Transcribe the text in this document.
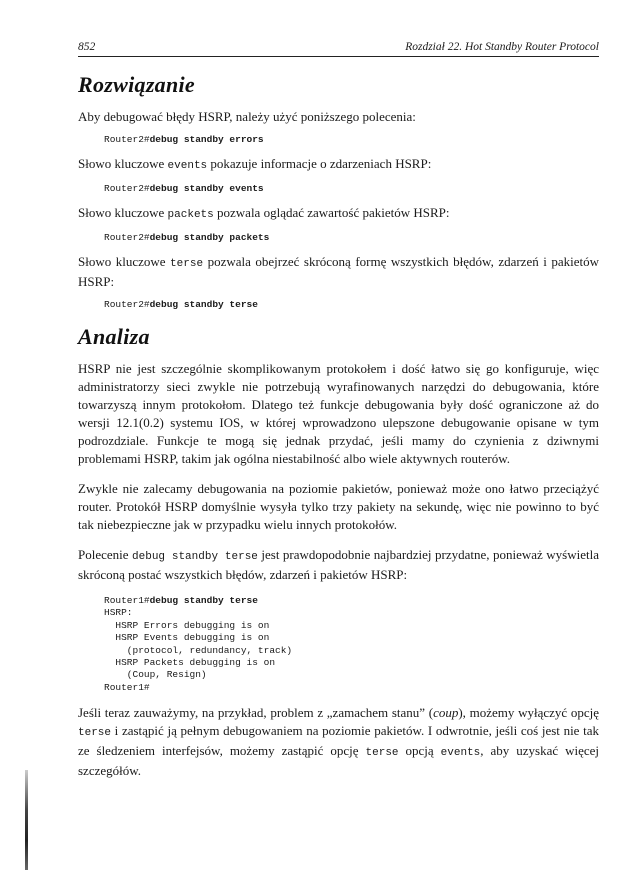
852	Rozdział 22. Hot Standby Router Protocol
Rozwiązanie

Aby debugować błędy HSRP, należy użyć poniższego polecenia:

Router2#debug standby errors

Słowo kluczowe events pokazuje informacje o zdarzeniach HSRP:

Router2#debug standby events

Słowo kluczowe packets pozwala oglądać zawartość pakietów HSRP:

Router2#debug standby packets

Słowo kluczowe terse pozwala obejrzeć skróconą formę wszystkich błędów, zdarzeń i pakietów HSRP:

Router2#debug standby terse
Analiza

HSRP nie jest szczególnie skomplikowanym protokołem i dość łatwo się go konfiguruje, więc administratorzy sieci zwykle nie potrzebują wyrafinowanych narzędzi do debugowania, które towarzyszą innym protokołom. Dlatego też funkcje debugowania były dość ograniczone aż do wersji 12.1(0.2) systemu IOS, w której wprowadzono ulepszone debugowanie opisane w tym podrozdziale. Funkcje te mogą się jednak przydać, jeśli mamy do czynienia z dziwnymi problemami HSRP, takim jak ogólna niestabilność albo wiele aktywnych routerów.

Zwykle nie zalecamy debugowania na poziomie pakietów, ponieważ może ono łatwo przeciążyć router. Protokół HSRP domyślnie wysyła tylko trzy pakiety na sekundę, więc nie powinno to być tak niebezpieczne jak w przypadku wielu innych protokołów.

Polecenie debug standby terse jest prawdopodobnie najbardziej przydatne, ponieważ wyświetla skróconą postać wszystkich błędów, zdarzeń i pakietów HSRP:

Router1#debug standby terse
HSRP:
HSRP Errors debugging is on
HSRP Events debugging is on
(protocol, redundancy, track)
HSRP Packets debugging is on
(Coup, Resign)
Router1#

Jeśli teraz zauważymy, na przykład, problem z „zamachem stanu” (coup), możemy wyłączyć opcję terse i zastąpić ją pełnym debugowaniem na poziomie pakietów. I odwrotnie, jeśli coś jest nie tak ze śledzeniem interfejsów, możemy zastąpić opcję terse opcją events, aby uzyskać więcej szczegółów.
